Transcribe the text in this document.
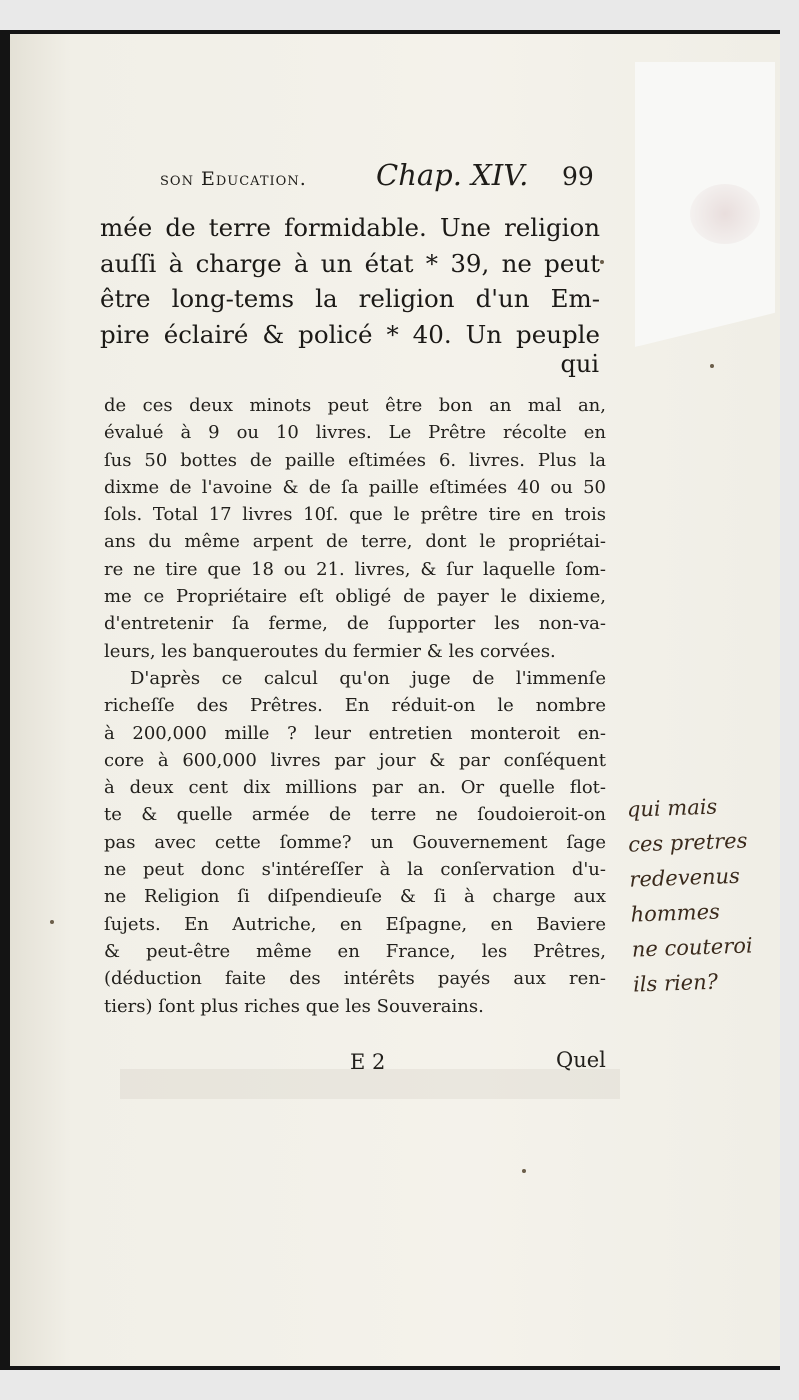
son Education. Chap. XIV. 99
mée de terre formidable. Une religion
auſſi à charge à un état * 39, ne peut
être long-tems la religion d'un Em-
pire éclairé & policé * 40. Un peuple
qui
de ces deux minots peut être bon an mal an,
évalué à 9 ou 10 livres. Le Prêtre récolte en
ſus 50 bottes de paille eſtimées 6. livres. Plus la
dixme de l'avoine & de ſa paille eſtimées 40 ou 50
ſols. Total 17 livres 10ſ. que le prêtre tire en trois
ans du même arpent de terre, dont le propriétai-
re ne tire que 18 ou 21. livres, & ſur laquelle ſom-
me ce Propriétaire eſt obligé de payer le dixieme,
d'entretenir ſa ferme, de ſupporter les non-va-
leurs, les banqueroutes du fermier & les corvées.
D'après ce calcul qu'on juge de l'immenſe
richeſſe des Prêtres. En réduit-on le nombre
à 200,000 mille ? leur entretien monteroit en-
core à 600,000 livres par jour & par conſéquent
à deux cent dix millions par an. Or quelle flot-
te & quelle armée de terre ne ſoudoieroit-on
pas avec cette ſomme? un Gouvernement ſage
ne peut donc s'intéreſſer à la conſervation d'u-
ne Religion ſi diſpendieuſe & ſi à charge aux
ſujets. En Autriche, en Eſpagne, en Baviere
& peut-être même en France, les Prêtres,
(déduction faite des intérêts payés aux ren-
tiers) ſont plus riches que les Souverains.
E 2	Quel
qui mais
ces pretres
redevenus
hommes
ne couteroi
ils rien?
